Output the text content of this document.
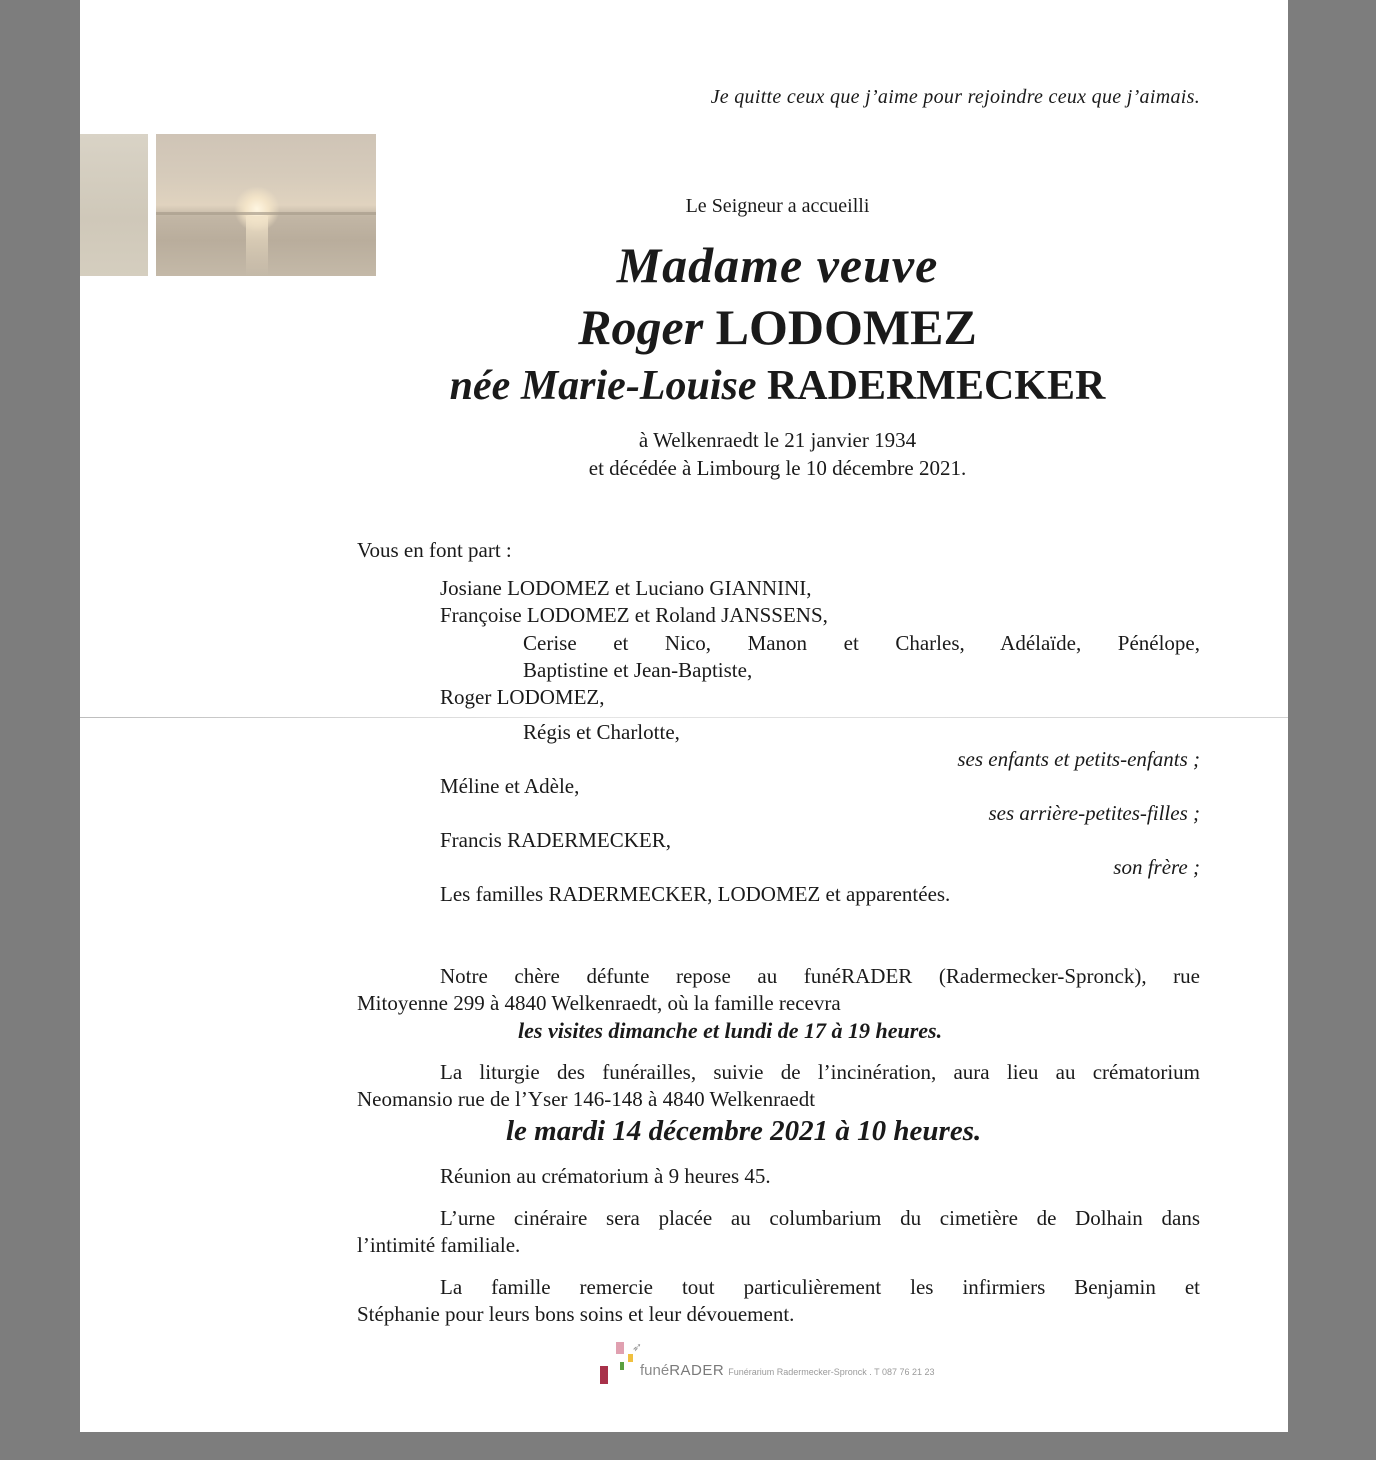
Je quitte ceux que j’aime pour rejoindre ceux que j’aimais.
Le Seigneur a accueilli
Madame veuve
Roger LODOMEZ
née Marie-Louise RADERMECKER
à Welkenraedt le 21 janvier 1934
et décédée à Limbourg le 10 décembre 2021.
Vous en font part :
Josiane LODOMEZ et Luciano GIANNINI,
Françoise LODOMEZ et Roland JANSSENS,
Cerise et Nico, Manon et Charles, Adélaïde, Pénélope,
Baptistine et Jean-Baptiste,
Roger LODOMEZ,
Régis et Charlotte,
ses enfants et petits-enfants ;
Méline et Adèle,
ses arrière-petites-filles ;
Francis RADERMECKER,
son frère ;
Les familles RADERMECKER, LODOMEZ et apparentées.
Notre chère défunte repose au funéRADER (Radermecker-Spronck), rue
Mitoyenne 299 à 4840 Welkenraedt, où la famille recevra
les visites dimanche et lundi de 17 à 19 heures.
La liturgie des funérailles, suivie de l’incinération, aura lieu au crématorium
Neomansio rue de l’Yser 146-148 à 4840 Welkenraedt
le mardi 14 décembre 2021 à 10 heures.
Réunion au crématorium à 9 heures 45.
L’urne cinéraire sera placée au columbarium du cimetière de Dolhain dans
l’intimité familiale.
La famille remercie tout particulièrement les infirmiers Benjamin et
Stéphanie pour leurs bons soins et leur dévouement.
➶
funéRADER Funérarium Radermecker-Spronck . T 087 76 21 23
